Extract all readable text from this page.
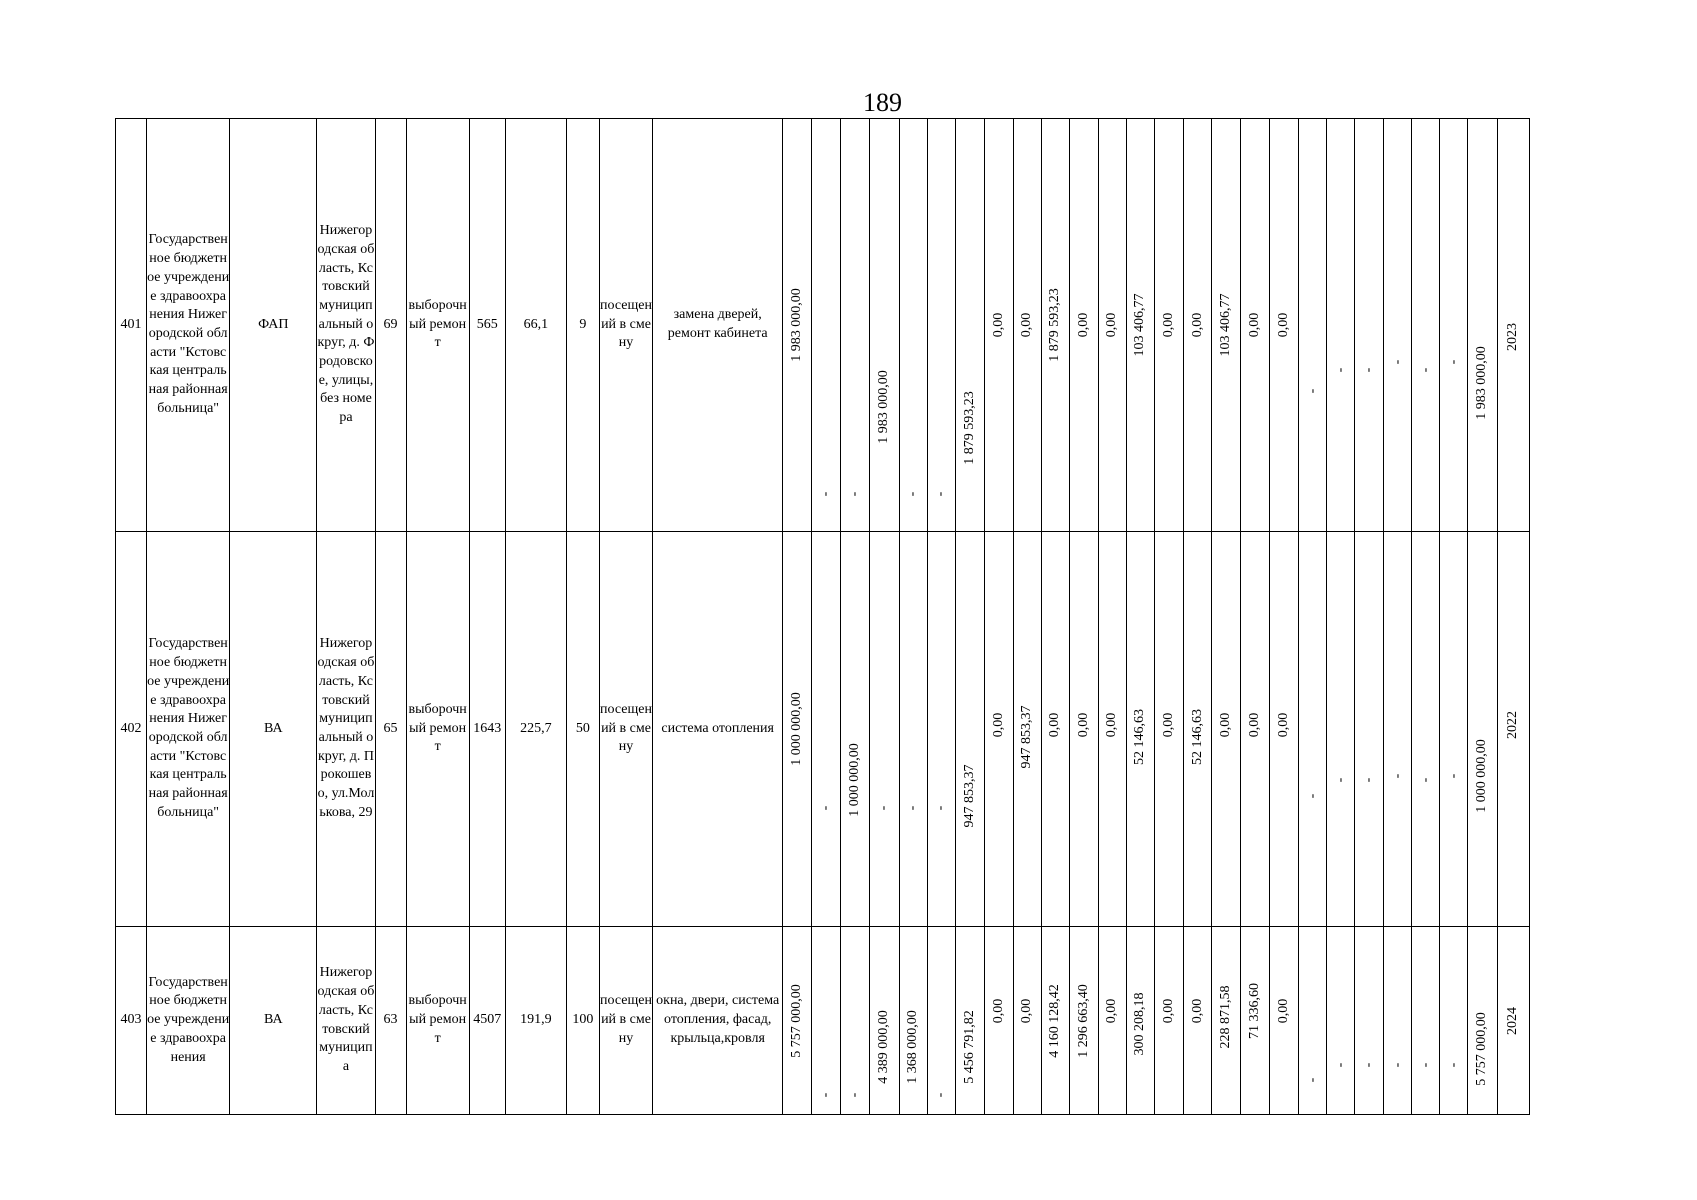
189
401	Государственное бюджетное учреждение здравоохранения Нижегородской области "Кстовская центральная районная больница"	ФАП	Нижегородская область, Кстовский муниципальный округ, д. Фродовское, улицы, без номера	69	выборочный ремонт	565	66,1	9	посещений в смену	замена дверей, ремонт кабинета	1 983 000,00	-	-	1 983 000,00	-	-	1 879 593,23	0,00	0,00	1 879 593,23	0,00	0,00	103 406,77	0,00	0,00	103 406,77	0,00	0,00	-	-	-	-	-	-	1 983 000,00	2023

402	Государственное бюджетное учреждение здравоохранения Нижегородской области "Кстовская центральная районная больница"	ВА	Нижегородская область, Кстовский муниципальный округ, д. Прокошево, ул.Молькова, 29	65	выборочный ремонт	1643	225,7	50	посещений в смену	система отопления	1 000 000,00	-	1 000 000,00	-	-	-	947 853,37	0,00	947 853,37	0,00	0,00	0,00	52 146,63	0,00	52 146,63	0,00	0,00	0,00	-	-	-	-	-	-	1 000 000,00	2022

403	Государственное бюджетное учреждение здравоохранения	ВА	Нижегородская область, Кстовский муниципа	63	выборочный ремонт	4507	191,9	100	посещений в смену	окна, двери, система отопления, фасад, крыльца,кровля	5 757 000,00	-	-	4 389 000,00	1 368 000,00	-	5 456 791,82	0,00	0,00	4 160 128,42	1 296 663,40	0,00	300 208,18	0,00	0,00	228 871,58	71 336,60	0,00	-	-	-	-	-	-	5 757 000,00	2024
